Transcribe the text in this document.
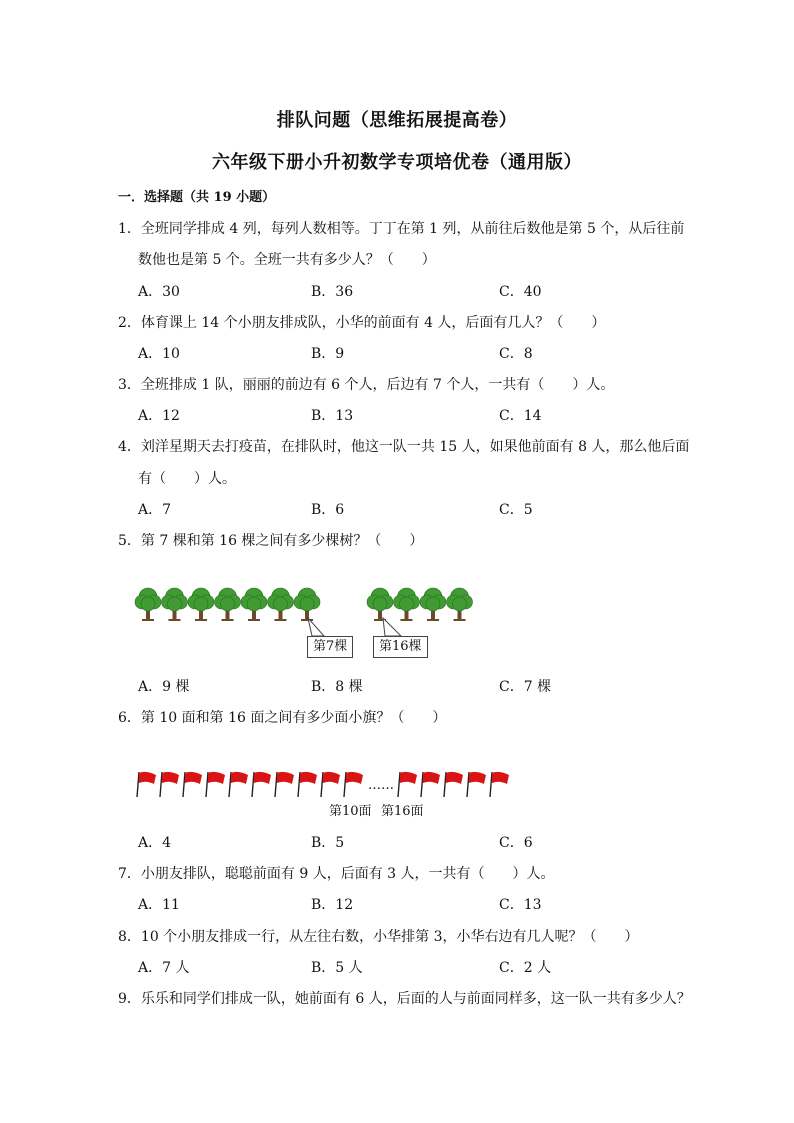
排队问题（思维拓展提高卷）
六年级下册小升初数学专项培优卷（通用版）
一．选择题（共 19 小题）
1．全班同学排成 4 列，每列人数相等。丁丁在第 1 列，从前往后数他是第 5 个，从后往前
数他也是第 5 个。全班一共有多少人？（　　）
A．30	B．36	C．40
2．体育课上 14 个小朋友排成队，小华的前面有 4 人，后面有几人？（　　）
A．10	B．9	C．8
3．全班排成 1 队，丽丽的前边有 6 个人，后边有 7 个人，一共有（　　）人。
A．12	B．13	C．14
4．刘洋星期天去打疫苗，在排队时，他这一队一共 15 人，如果他前面有 8 人，那么他后面
有（　　）人。
A．7	B．6	C．5
5．第 7 棵和第 16 棵之间有多少棵树？（　　）
第7棵	第16棵
A．9 棵	B．8 棵	C．7 棵
6．第 10 面和第 16 面之间有多少面小旗？（　　）
……
第10面 第16面
A．4	B．5	C．6
7．小朋友排队，聪聪前面有 9 人，后面有 3 人，一共有（　　）人。
A．11	B．12	C．13
8．10 个小朋友排成一行，从左往右数，小华排第 3，小华右边有几人呢？（　　）
A．7 人	B．5 人	C．2 人
9．乐乐和同学们排成一队，她前面有 6 人，后面的人与前面同样多，这一队一共有多少人？
